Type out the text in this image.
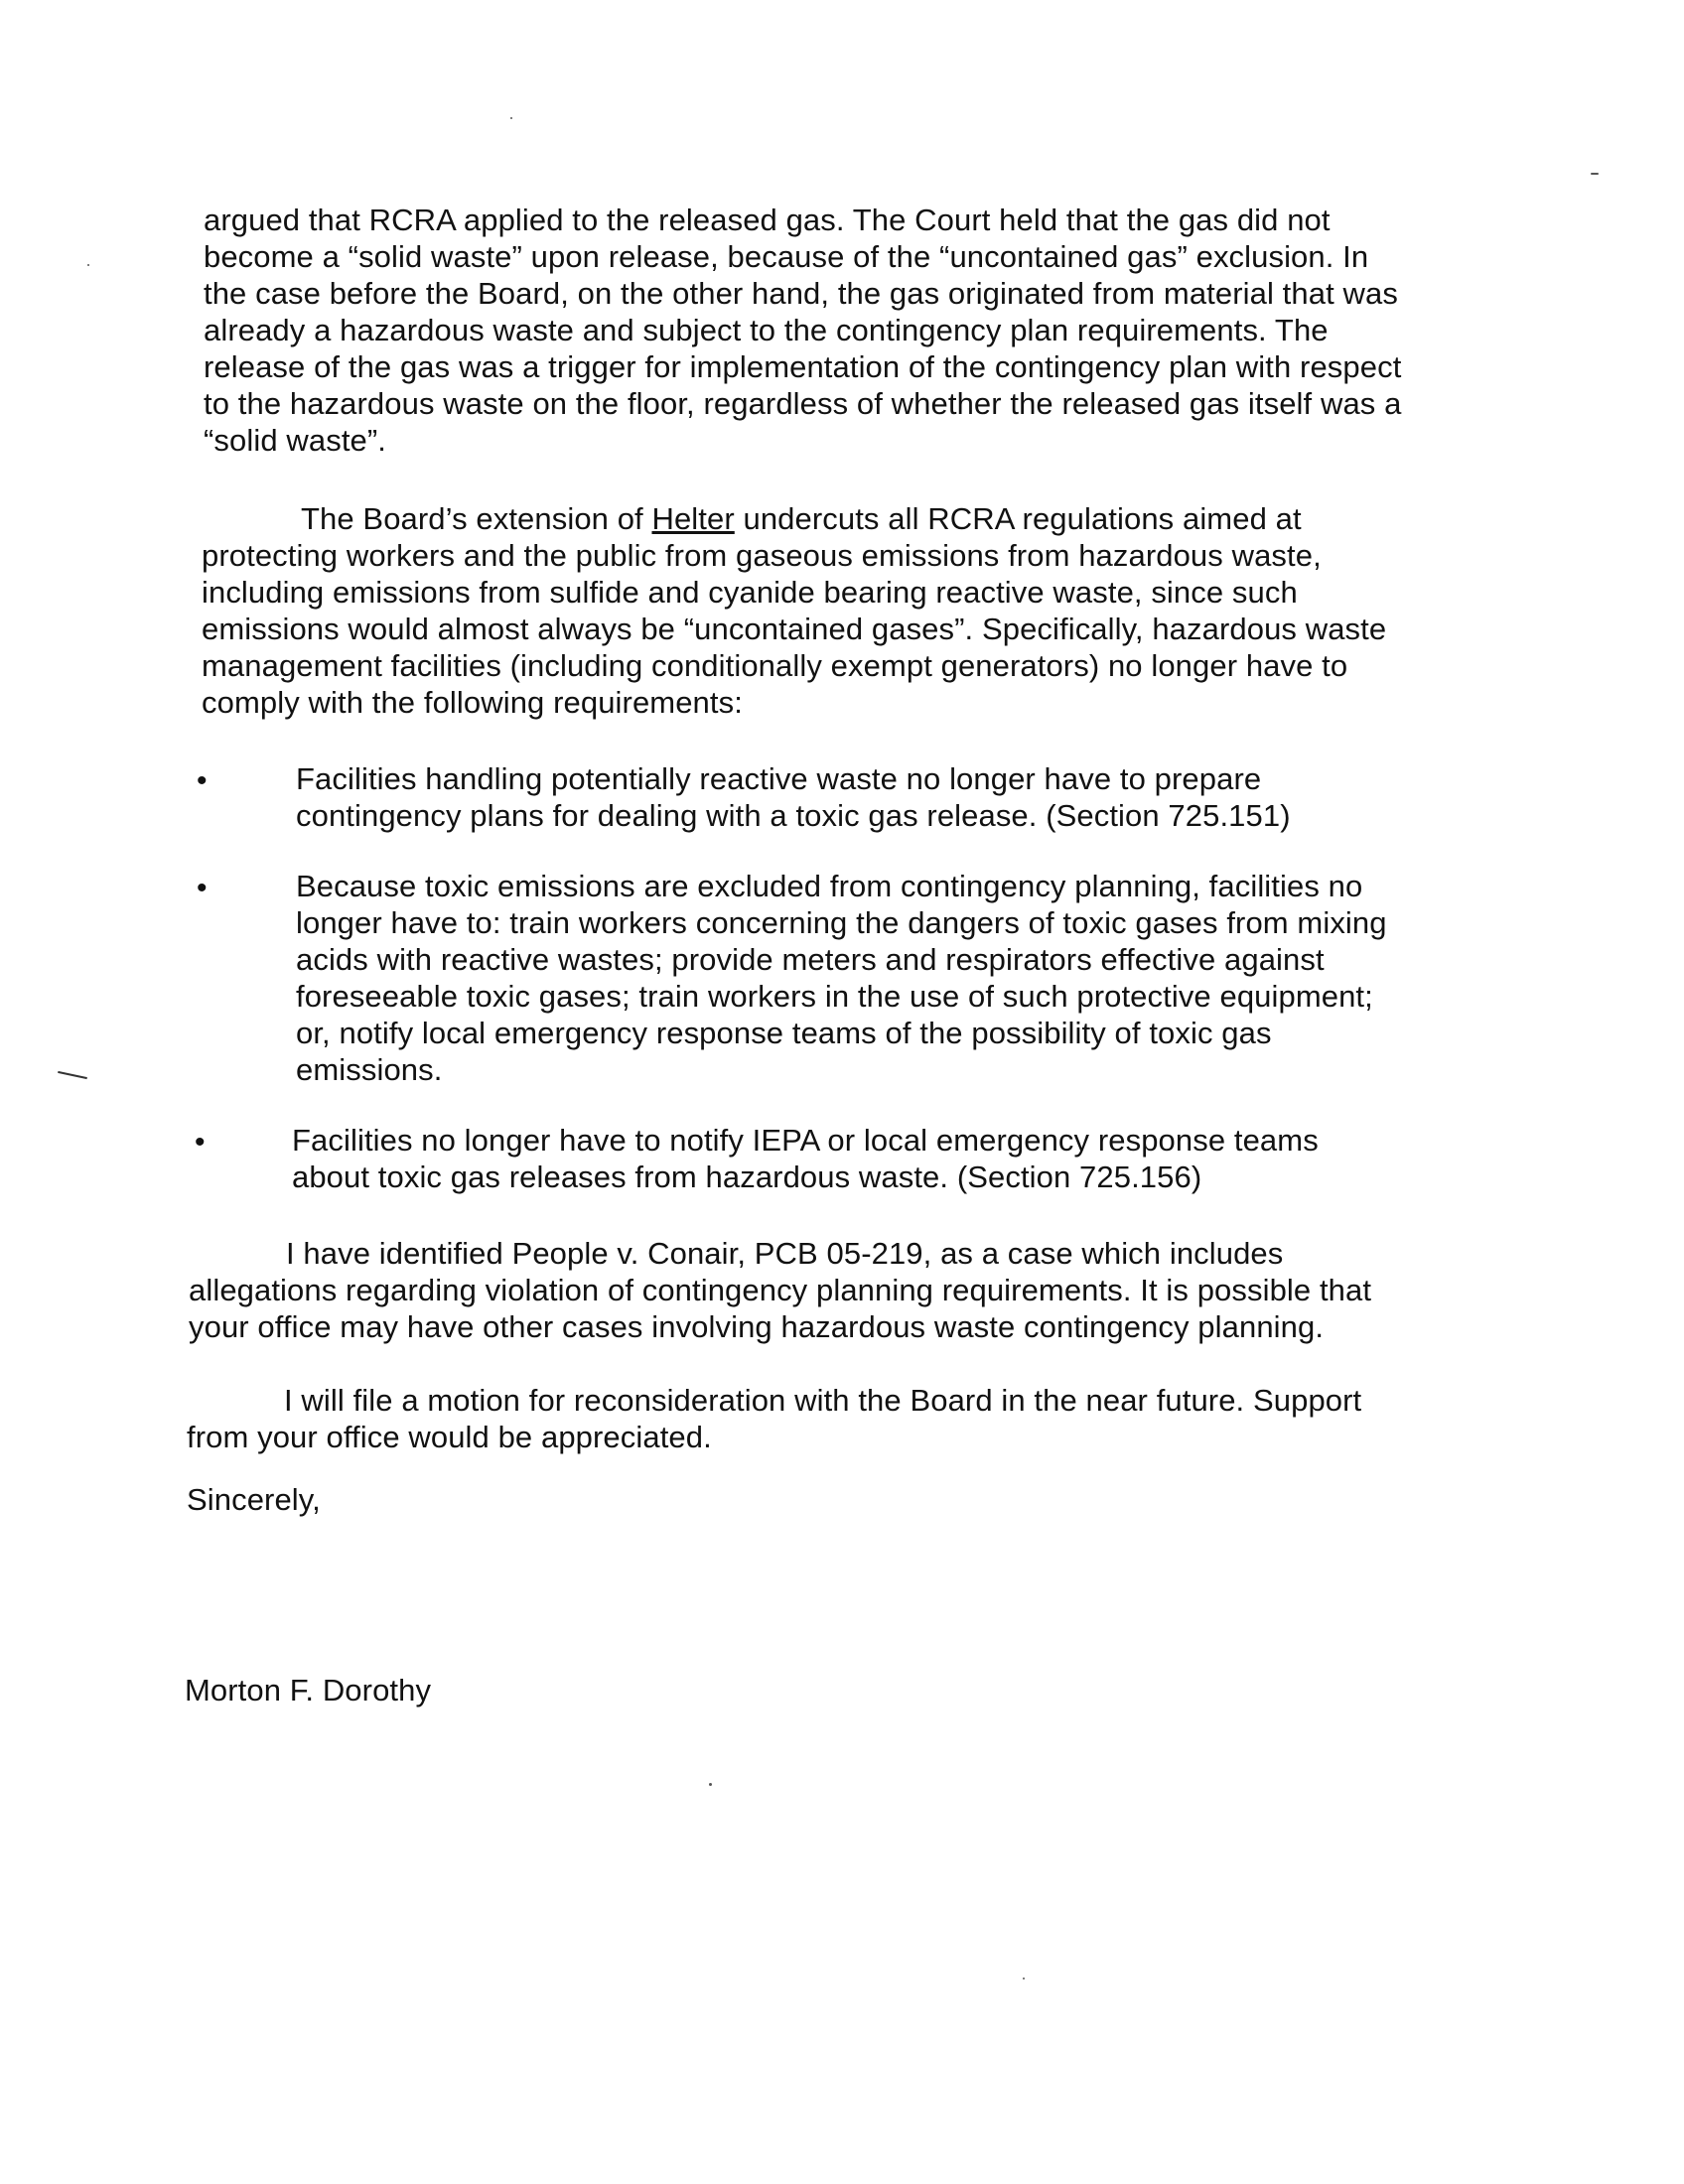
argued that RCRA applied to the released gas. The Court held that the gas did not
become a “solid waste” upon release, because of the “uncontained gas” exclusion. In
the case before the Board, on the other hand, the gas originated from material that was
already a hazardous waste and subject to the contingency plan requirements. The
release of the gas was a trigger for implementation of the contingency plan with respect
to the hazardous waste on the floor, regardless of whether the released gas itself was a
“solid waste”.
The Board’s extension of Helter undercuts all RCRA regulations aimed at
protecting workers and the public from gaseous emissions from hazardous waste,
including emissions from sulfide and cyanide bearing reactive waste, since such
emissions would almost always be “uncontained gases”. Specifically, hazardous waste
management facilities (including conditionally exempt generators) no longer have to
comply with the following requirements:
•	Facilities handling potentially reactive waste no longer have to prepare
contingency plans for dealing with a toxic gas release. (Section 725.151)
•	Because toxic emissions are excluded from contingency planning, facilities no
longer have to: train workers concerning the dangers of toxic gases from mixing
acids with reactive wastes; provide meters and respirators effective against
foreseeable toxic gases; train workers in the use of such protective equipment;
or, notify local emergency response teams of the possibility of toxic gas
emissions.
•	Facilities no longer have to notify IEPA or local emergency response teams
about toxic gas releases from hazardous waste. (Section 725.156)
I have identified People v. Conair, PCB 05-219, as a case which includes
allegations regarding violation of contingency planning requirements. It is possible that
your office may have other cases involving hazardous waste contingency planning.
I will file a motion for reconsideration with the Board in the near future. Support
from your office would be appreciated.
Sincerely,
Morton F. Dorothy
